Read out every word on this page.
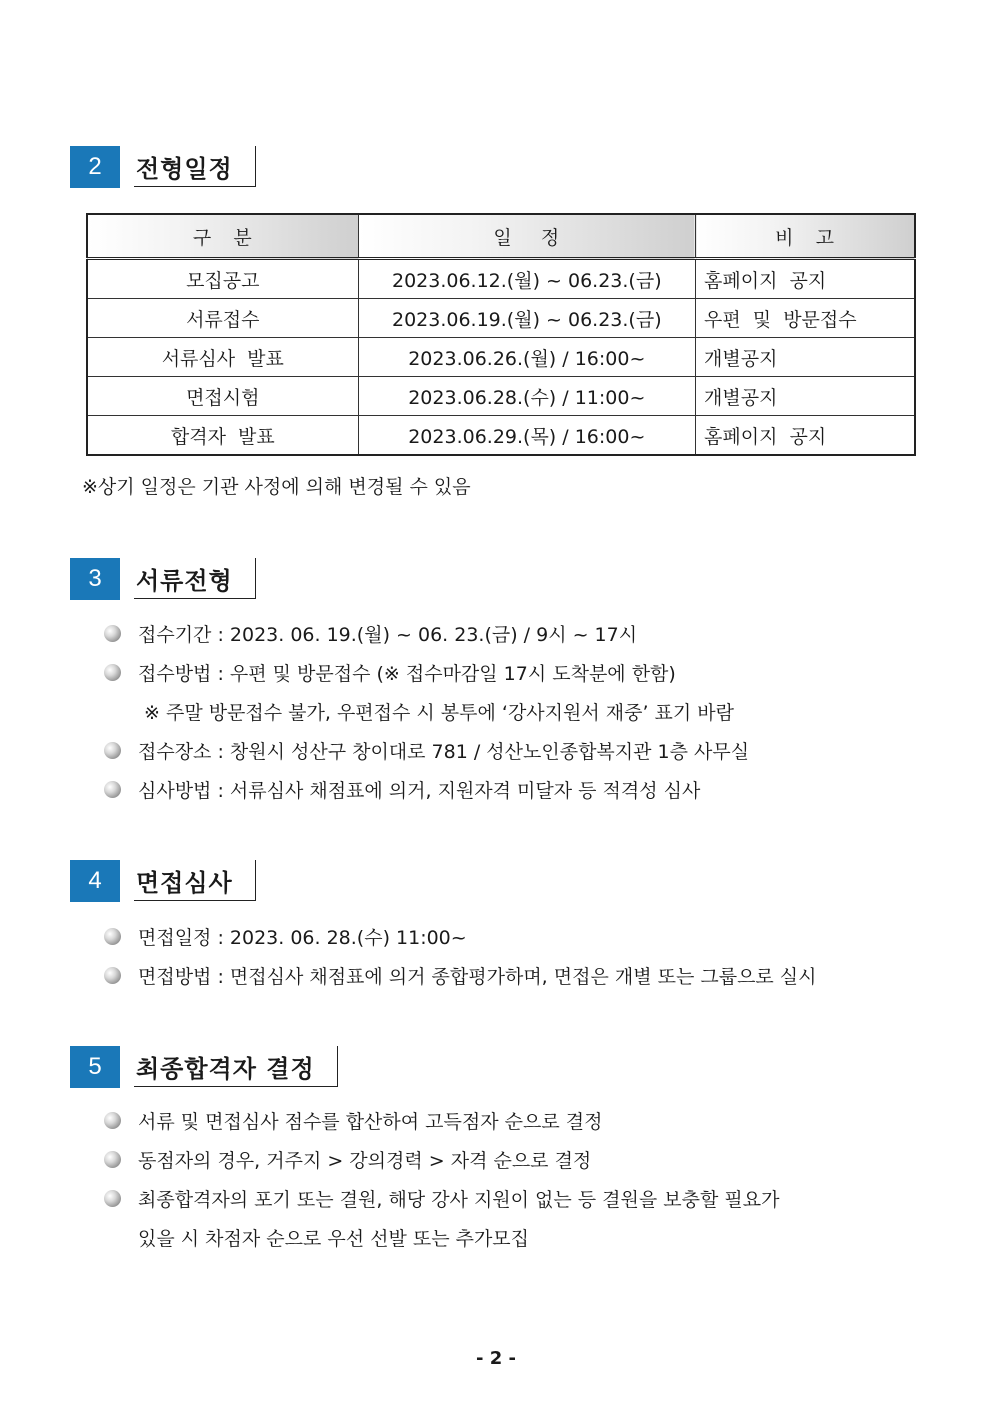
2	전형일정
구   분	일    정	비   고
모집공고	2023.06.12.(월) ~ 06.23.(금)	홈페이지 공지
서류접수	2023.06.19.(월) ~ 06.23.(금)	우편 및 방문접수
서류심사 발표	2023.06.26.(월) / 16:00~	개별공지
면접시험	2023.06.28.(수) / 11:00~	개별공지
합격자 발표	2023.06.29.(목) / 16:00~	홈페이지 공지
※상기 일정은 기관 사정에 의해 변경될 수 있음
3	서류전형
접수기간 : 2023. 06. 19.(월) ~ 06. 23.(금) / 9시 ~ 17시
접수방법 : 우편 및 방문접수 (※ 접수마감일 17시 도착분에 한함)
※ 주말 방문접수 불가, 우편접수 시 봉투에 ‘강사지원서 재중’ 표기 바람
접수장소 : 창원시 성산구 창이대로 781 / 성산노인종합복지관 1층 사무실
심사방법 : 서류심사 채점표에 의거, 지원자격 미달자 등 적격성 심사
4	면접심사
면접일정 : 2023. 06. 28.(수) 11:00~
면접방법 : 면접심사 채점표에 의거 종합평가하며, 면접은 개별 또는 그룹으로 실시
5	최종합격자 결정
서류 및 면접심사 점수를 합산하여 고득점자 순으로 결정
동점자의 경우, 거주지 > 강의경력 > 자격 순으로 결정
최종합격자의 포기 또는 결원, 해당 강사 지원이 없는 등 결원을 보충할 필요가
있을 시 차점자 순으로 우선 선발 또는 추가모집
- 2 -
